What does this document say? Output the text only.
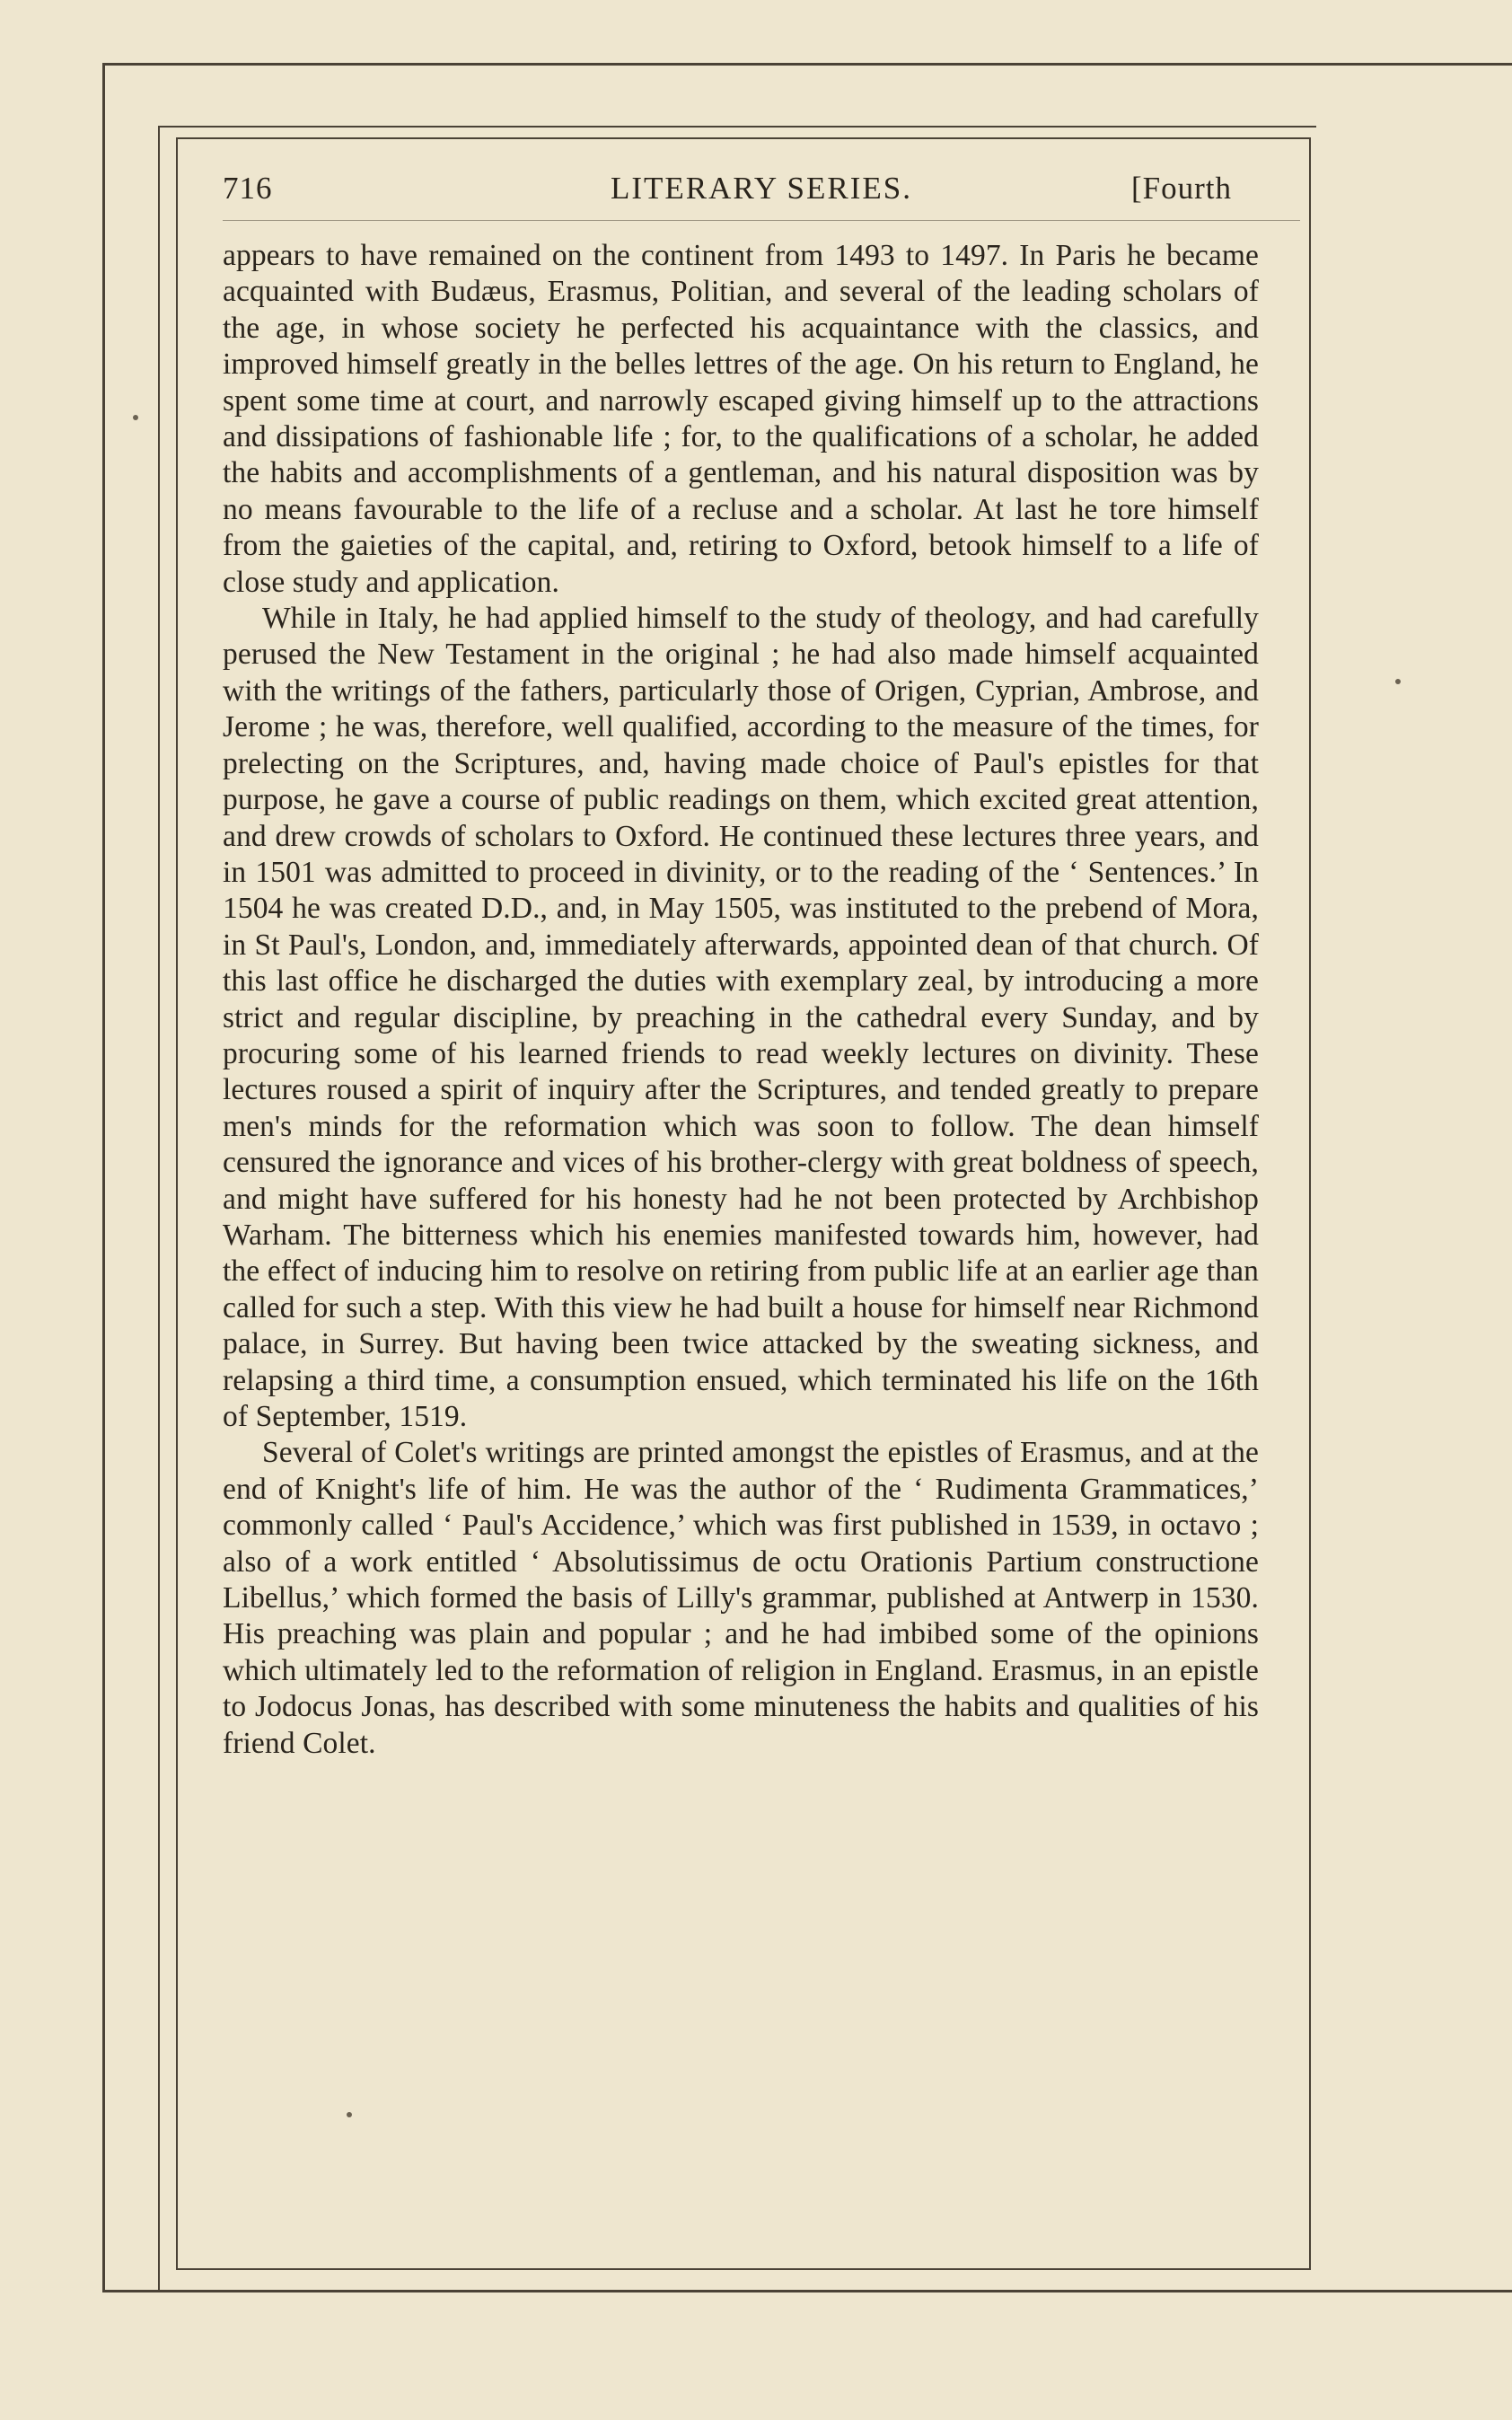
716	LITERARY SERIES.	[Fourth

appears to have remained on the continent from 1493 to 1497. In Paris he became acquainted with Budæus, Erasmus, Politian, and several of the leading scholars of the age, in whose society he perfected his acquaintance with the classics, and improved himself greatly in the belles lettres of the age. On his return to England, he spent some time at court, and narrowly escaped giving himself up to the attractions and dissipations of fashionable life ; for, to the qualifications of a scholar, he added the habits and accomplishments of a gentleman, and his natural disposition was by no means favourable to the life of a recluse and a scholar. At last he tore himself from the gaieties of the capital, and, retiring to Oxford, betook himself to a life of close study and application.

While in Italy, he had applied himself to the study of theology, and had carefully perused the New Testament in the original ; he had also made himself acquainted with the writings of the fathers, particularly those of Origen, Cyprian, Ambrose, and Jerome ; he was, therefore, well qualified, according to the measure of the times, for prelecting on the Scriptures, and, having made choice of Paul's epistles for that purpose, he gave a course of public readings on them, which excited great attention, and drew crowds of scholars to Oxford. He continued these lectures three years, and in 1501 was admitted to proceed in divinity, or to the reading of the ‘ Sentences.’ In 1504 he was created D.D., and, in May 1505, was instituted to the prebend of Mora, in St Paul's, London, and, immediately afterwards, appointed dean of that church. Of this last office he discharged the duties with exemplary zeal, by introducing a more strict and regular discipline, by preaching in the cathedral every Sunday, and by procuring some of his learned friends to read weekly lectures on divinity. These lectures roused a spirit of inquiry after the Scriptures, and tended greatly to prepare men's minds for the reformation which was soon to follow. The dean himself censured the ignorance and vices of his brother-clergy with great boldness of speech, and might have suffered for his honesty had he not been protected by Archbishop Warham. The bitterness which his enemies manifested towards him, however, had the effect of inducing him to resolve on retiring from public life at an earlier age than called for such a step. With this view he had built a house for himself near Richmond palace, in Surrey. But having been twice attacked by the sweating sickness, and relapsing a third time, a consumption ensued, which terminated his life on the 16th of September, 1519.

Several of Colet's writings are printed amongst the epistles of Erasmus, and at the end of Knight's life of him. He was the author of the ‘ Rudimenta Grammatices,’ commonly called ‘ Paul's Accidence,’ which was first published in 1539, in octavo ; also of a work entitled ‘ Absolutissimus de octu Orationis Partium constructione Libellus,’ which formed the basis of Lilly's grammar, published at Antwerp in 1530. His preaching was plain and popular ; and he had imbibed some of the opinions which ultimately led to the reformation of religion in England. Erasmus, in an epistle to Jodocus Jonas, has described with some minuteness the habits and qualities of his friend Colet.
